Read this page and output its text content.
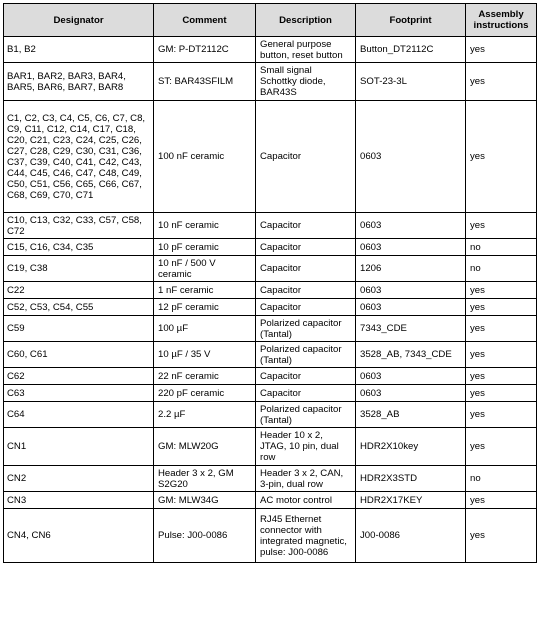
Designator	Comment	Description	Footprint	Assembly instructions
B1, B2	GM: P-DT2112C	General purpose button, reset button	Button_DT2112C	yes
BAR1, BAR2, BAR3, BAR4, BAR5, BAR6, BAR7, BAR8	ST: BAR43SFILM	Small signal Schottky diode, BAR43S	SOT-23-3L	yes
C1, C2, C3, C4, C5, C6, C7, C8, C9, C11, C12, C14, C17, C18, C20, C21, C23, C24, C25, C26, C27, C28, C29, C30, C31, C36, C37, C39, C40, C41, C42, C43, C44, C45, C46, C47, C48, C49, C50, C51, C56, C65, C66, C67, C68, C69, C70, C71	100 nF ceramic	Capacitor	0603	yes
C10, C13, C32, C33, C57, C58, C72	10 nF ceramic	Capacitor	0603	yes
C15, C16, C34, C35	10 pF ceramic	Capacitor	0603	no
C19, C38	10 nF / 500 V ceramic	Capacitor	1206	no
C22	1 nF ceramic	Capacitor	0603	yes
C52, C53, C54, C55	12 pF ceramic	Capacitor	0603	yes
C59	100 µF	Polarized capacitor (Tantal)	7343_CDE	yes
C60, C61	10 µF / 35 V	Polarized capacitor (Tantal)	3528_AB, 7343_CDE	yes
C62	22 nF ceramic	Capacitor	0603	yes
C63	220 pF ceramic	Capacitor	0603	yes
C64	2.2 µF	Polarized capacitor (Tantal)	3528_AB	yes
CN1	GM: MLW20G	Header 10 x 2, JTAG, 10 pin, dual row	HDR2X10key	yes
CN2	Header 3 x 2, GM S2G20	Header 3 x 2, CAN, 3-pin, dual row	HDR2X3STD	no
CN3	GM: MLW34G	AC motor control	HDR2X17KEY	yes
CN4, CN6	Pulse: J00-0086	RJ45 Ethernet connector with integrated magnetic, pulse: J00-0086	J00-0086	yes
